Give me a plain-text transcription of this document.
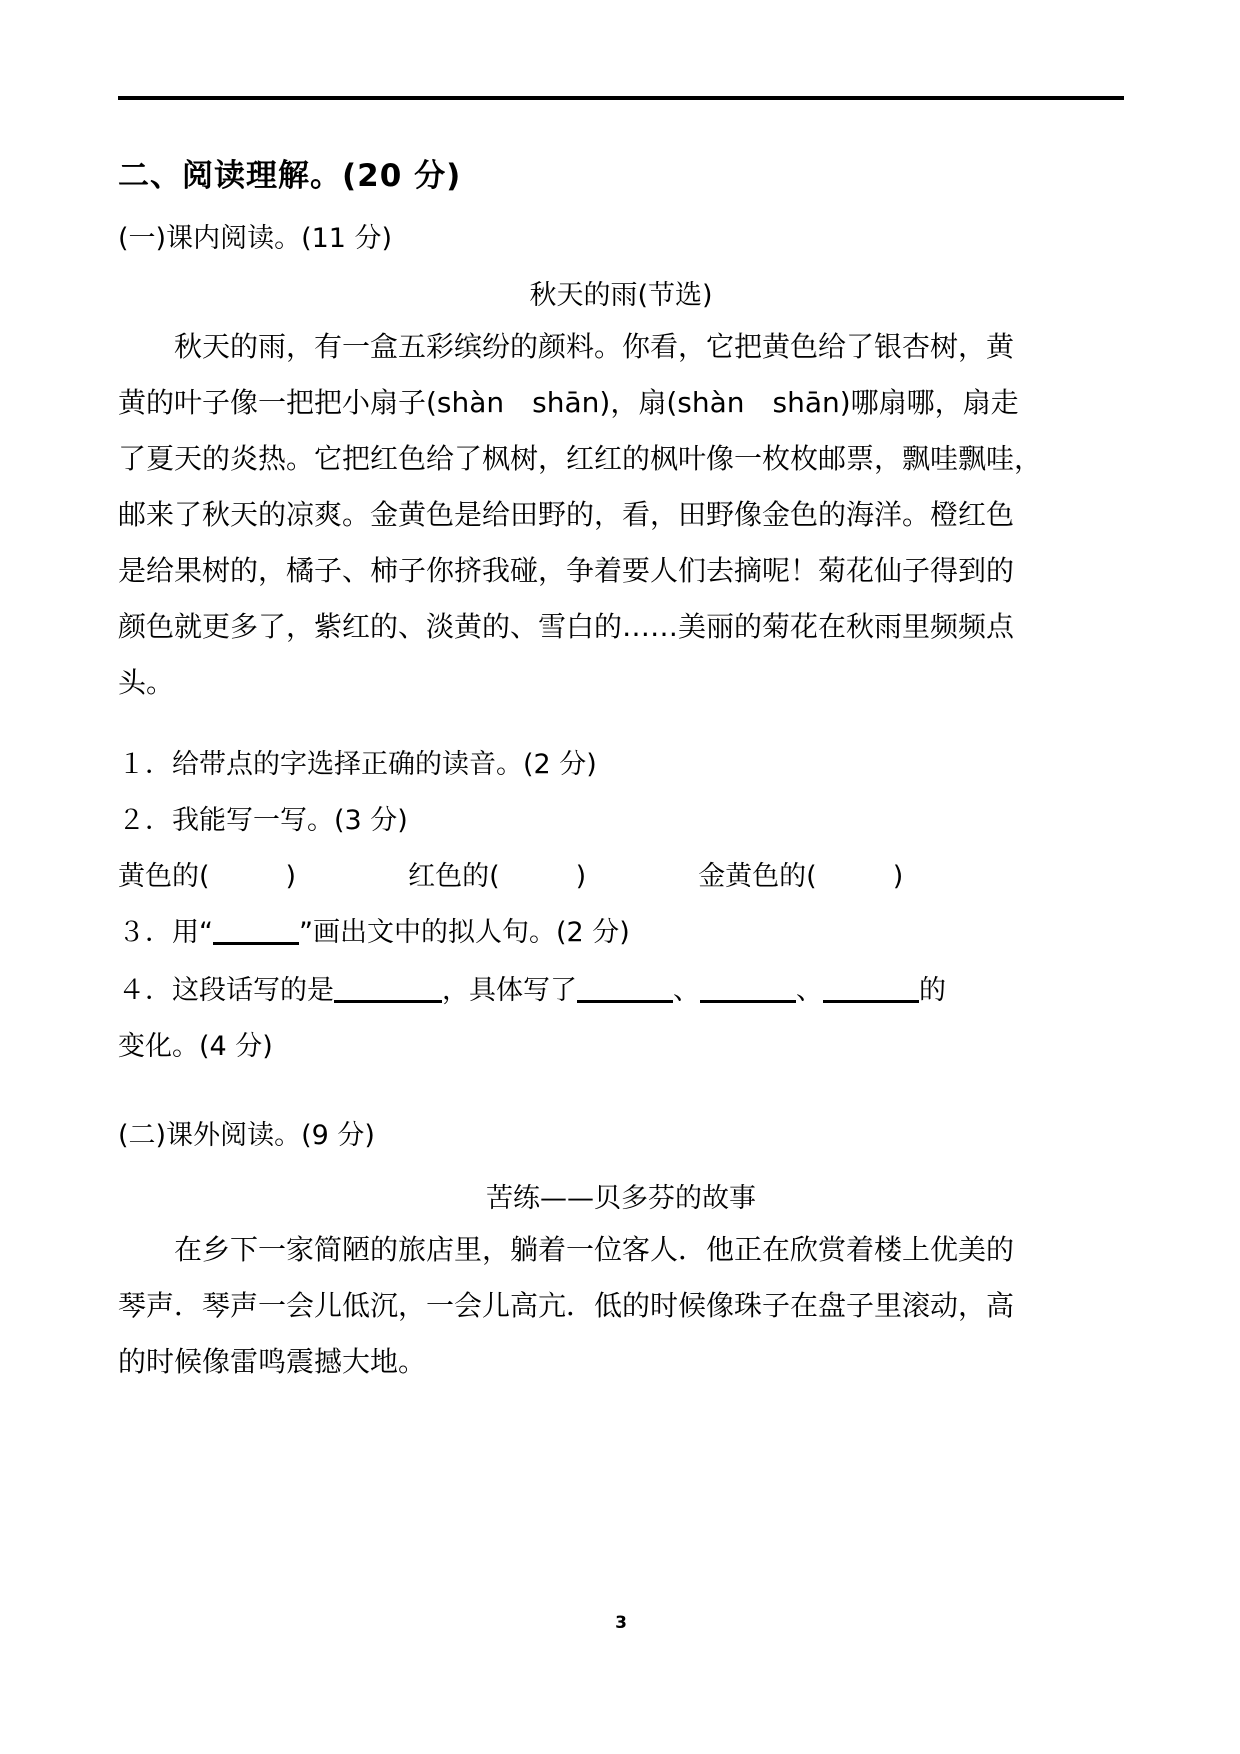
二、阅读理解。(20 分)
(一)课内阅读。(11 分)
秋天的雨(节选)
　　秋天的雨，有一盒五彩缤纷的颜料。你看，它把黄色给了银杏树，黄
黄的叶子像一把把小扇子(shàn　shān)，扇(shàn　shān)哪扇哪，扇走
了夏天的炎热。它把红色给了枫树，红红的枫叶像一枚枚邮票，飘哇飘哇，
邮来了秋天的凉爽。金黄色是给田野的，看，田野像金色的海洋。橙红色
是给果树的，橘子、柿子你挤我碰，争着要人们去摘呢！菊花仙子得到的
颜色就更多了，紫红的、淡黄的、雪白的……美丽的菊花在秋雨里频频点
头。
１．给带点的字选择正确的读音。(2 分)
２．我能写一写。(3 分)
黄色的(	)	红色的(	)	金黄色的(	)
３．用“	”画出文中的拟人句。(2 分)
４．这段话写的是	，具体写了	、	、	的
变化。(4 分)
(二)课外阅读。(9 分)
苦练——贝多芬的故事
　　在乡下一家简陋的旅店里，躺着一位客人．他正在欣赏着楼上优美的
琴声．琴声一会儿低沉，一会儿高亢．低的时候像珠子在盘子里滚动，高
的时候像雷鸣震撼大地。
3
